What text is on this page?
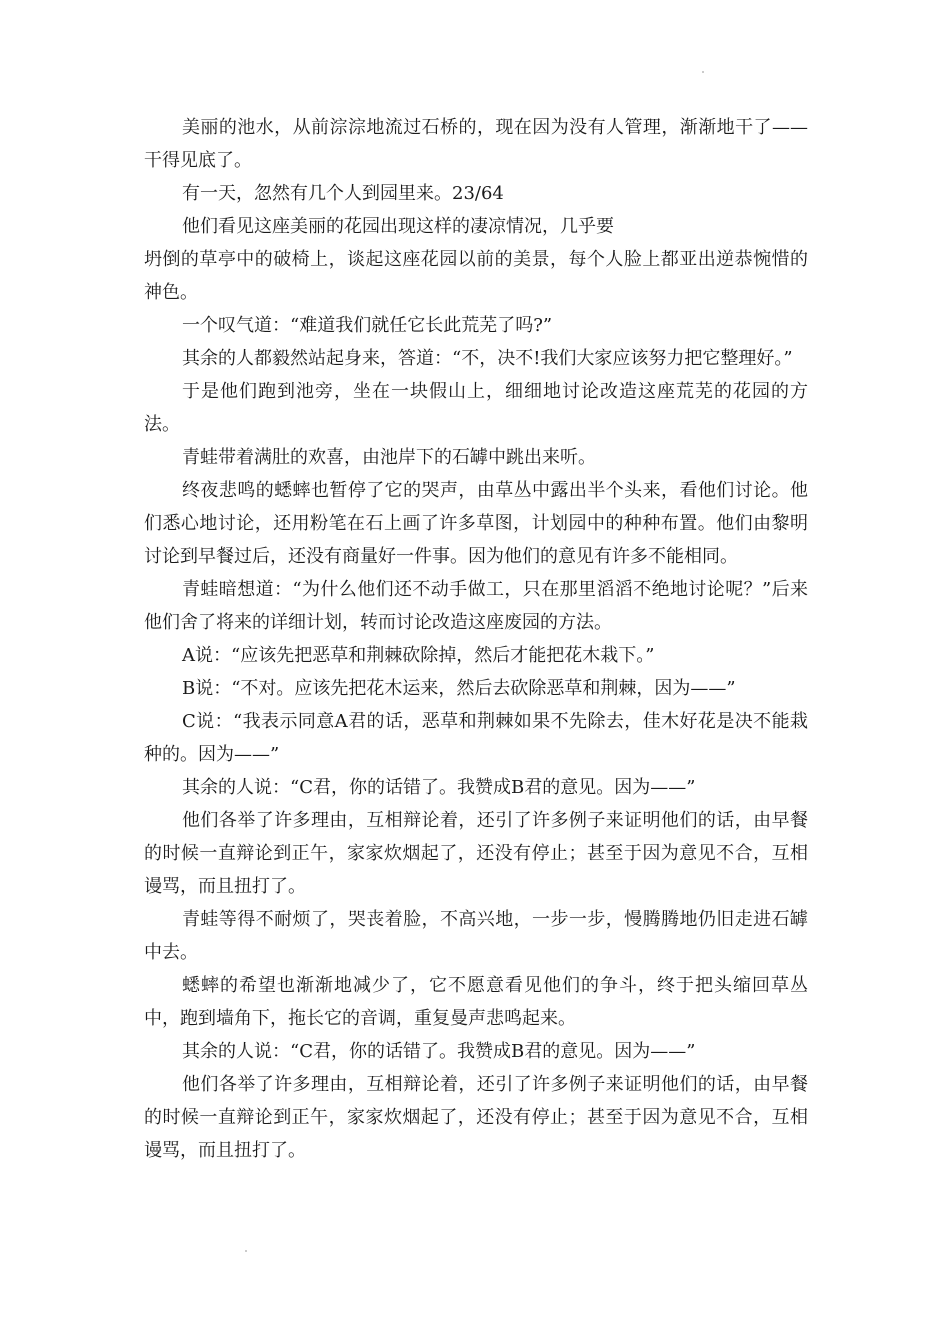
美丽的池水，从前淙淙地流过石桥的，现在因为没有人管理，渐渐地干了——干得见底了。

有一天，忽然有几个人到园里来。23/64

他们看见这座美丽的花园出现这样的凄凉情况，几乎要

坍倒的草亭中的破椅上，谈起这座花园以前的美景，每个人脸上都亚出逆恭惋惜的神色。

一个叹气道：“难道我们就任它长此荒芜了吗?”

其余的人都毅然站起身来，答道：“不，决不!我们大家应该努力把它整理好。”

于是他们跑到池旁，坐在一块假山上，细细地讨论改造这座荒芜的花园的方法。

青蛙带着满肚的欢喜，由池岸下的石罅中跳出来听。

终夜悲鸣的蟋蟀也暂停了它的哭声，由草丛中露出半个头来，看他们讨论。他们悉心地讨论，还用粉笔在石上画了许多草图，计划园中的种种布置。他们由黎明讨论到早餐过后，还没有商量好一件事。因为他们的意见有许多不能相同。

青蛙暗想道：“为什么他们还不动手做工，只在那里滔滔不绝地讨论呢？”后来他们舍了将来的详细计划，转而讨论改造这座废园的方法。

A说：“应该先把恶草和荆棘砍除掉，然后才能把花木栽下。”

B说：“不对。应该先把花木运来，然后去砍除恶草和荆棘，因为——”

C说：“我表示同意A君的话，恶草和荆棘如果不先除去，佳木好花是决不能栽种的。因为——”

其余的人说：“C君，你的话错了。我赞成B君的意见。因为——”

他们各举了许多理由，互相辩论着，还引了许多例子来证明他们的话，由早餐的时候一直辩论到正午，家家炊烟起了，还没有停止；甚至于因为意见不合，互相谩骂，而且扭打了。

青蛙等得不耐烦了，哭丧着脸，不高兴地，一步一步，慢腾腾地仍旧走进石罅中去。

蟋蟀的希望也渐渐地减少了，它不愿意看见他们的争斗，终于把头缩回草丛中，跑到墙角下，拖长它的音调，重复曼声悲鸣起来。

其余的人说：“C君，你的话错了。我赞成B君的意见。因为——”

他们各举了许多理由，互相辩论着，还引了许多例子来证明他们的话，由早餐的时候一直辩论到正午，家家炊烟起了，还没有停止；甚至于因为意见不合，互相谩骂，而且扭打了。
